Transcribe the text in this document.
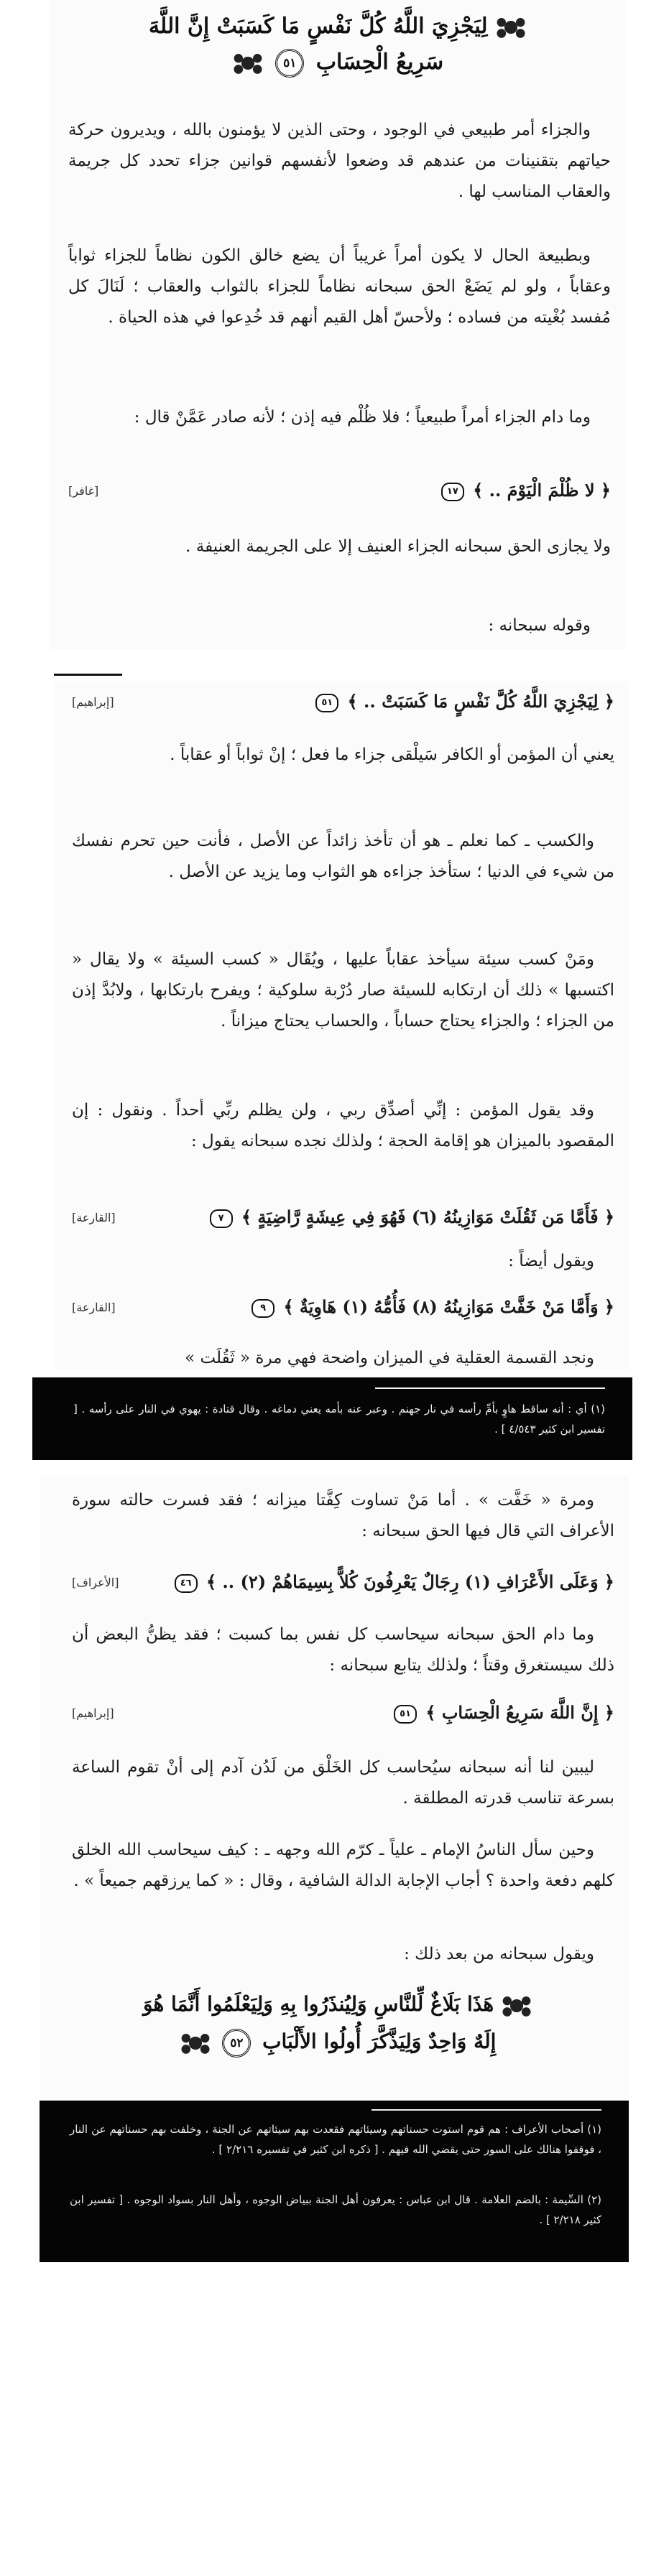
لِيَجْزِيَ اللَّهُ كُلَّ نَفْسٍ مَا كَسَبَتْ إِنَّ اللَّهَ
سَرِيعُ الْحِسَابِ ٥١
والجزاء أمر طبيعي في الوجود ، وحتى الذين لا يؤمنون بالله ، ويديرون حركة حياتهم بتقنينات من عندهم قد وضعوا لأنفسهم قوانين جزاء تحدد كل جريمة والعقاب المناسب لها .
وبطبيعة الحال لا يكون أمراً غريباً أن يضع خالق الكون نظاماً للجزاء ثواباً وعقاباً ، ولو لم يَضَعْ الحق سبحانه نظاماً للجزاء بالثواب والعقاب ؛ لَنَالَ كل مُفسد بُغْيته من فساده ؛ ولأحسّ أهل القيم أنهم قد خُدِعوا في هذه الحياة .
وما دام الجزاء أمراً طبيعياً ؛ فلا ظُلْم فيه إذن ؛ لأنه صادر عَمَّنْ قال :
﴿ لا ظُلْمَ الْيَوْمَ .. ﴾ ١٧
[غافر]
ولا يجازى الحق سبحانه الجزاء العنيف إلا على الجريمة العنيفة .
وقوله سبحانه :
﴿ لِيَجْزِيَ اللَّهُ كُلَّ نَفْسٍ مَا كَسَبَتْ .. ﴾ ٥١
[إبراهيم]
يعني أن المؤمن أو الكافر سَيلْقى جزاء ما فعل ؛ إنْ ثواباً أو عقاباً .
والكسب ـ كما نعلم ـ هو أن تأخذ زائداً عن الأصل ، فأنت حين تحرم نفسك من شيء في الدنيا ؛ ستأخذ جزاءه هو الثواب وما يزيد عن الأصل .
ومَنْ كسب سيئة سيأخذ عقاباً عليها ، ويُقَال « كسب السيئة » ولا يقال « اكتسبها » ذلك أن ارتكابه للسيئة صار دُرْبة سلوكية ؛ ويفرح بارتكابها ، ولابُدَّ إذن من الجزاء ؛ والجزاء يحتاج حساباً ، والحساب يحتاج ميزاناً .
وقد يقول المؤمن : إنِّي أصدِّق ربي ، ولن يظلم ربِّي أحداً . ونقول : إن المقصود بالميزان هو إقامة الحجة ؛ ولذلك نجده سبحانه يقول :
﴿ فَأَمَّا مَن ثَقُلَتْ مَوَازِينُهُ (٦) فَهُوَ فِي عِيشَةٍ رَّاضِيَةٍ ﴾ ٧
[القارعة]
ويقول أيضاً :
﴿ وَأَمَّا مَنْ خَفَّتْ مَوَازِينُهُ (٨) فَأُمُّهُ (١) هَاوِيَةٌ ﴾ ٩
[القارعة]
ونجد القسمة العقلية في الميزان واضحة فهي مرة « ثَقُلَت »
(١) أي : أنه ساقط هاوٍ بأمِّ رأسه في نار جهنم . وعبر عنه بأمه يعني دماغه . وقال قتادة : يهوي في النار على رأسه . [ تفسير ابن كثير ٤/٥٤٣ ] .
ومرة « خَفَّت » . أما مَنْ تساوت كِفَّتا ميزانه ؛ فقد فسرت حالته سورة الأعراف التي قال فيها الحق سبحانه :
﴿ وَعَلَى الأَعْرَافِ (١) رِجَالٌ يَعْرِفُونَ كُلاًّ بِسِيمَاهُمْ (٢) .. ﴾ ٤٦
[الأعراف]
وما دام الحق سبحانه سيحاسب كل نفس بما كسبت ؛ فقد يظنُّ البعض أن ذلك سيستغرق وقتاً ؛ ولذلك يتابع سبحانه :
﴿ إِنَّ اللَّهَ سَرِيعُ الْحِسَابِ ﴾ ٥١
[إبراهيم]
ليبين لنا أنه سبحانه سيُحاسب كل الخَلْق من لَدُن آدم إلى أنْ تقوم الساعة بسرعة تناسب قدرته المطلقة .
وحين سأل الناسُ الإمام ـ علياً ـ كرّم الله وجهه ـ : كيف سيحاسب الله الخلق كلهم دفعة واحدة ؟ أجاب الإجابة الدالة الشافية ، وقال : « كما يرزقهم جميعاً » .
ويقول سبحانه من بعد ذلك :
هَذَا بَلَاغٌ لِّلنَّاسِ وَلِيُنذَرُوا بِهِ وَلِيَعْلَمُوا أَنَّمَا هُوَ
إِلَهٌ وَاحِدٌ وَلِيَذَّكَّرَ أُولُوا الأَلْبَابِ ٥٢
(١) أصحاب الأعراف : هم قوم استوت حسناتهم وسيئاتهم فقعدت بهم سيئاتهم عن الجنة ، وخلفت بهم حسناتهم عن النار ، فوقفوا هنالك على السور حتى يقضي الله فيهم . [ ذكره ابن كثير في تفسيره ٢/٢١٦ ] .
(٢) السِّيمة : بالضم العلامة . قال ابن عباس : يعرفون أهل الجنة ببياض الوجوه ، وأهل النار بسواد الوجوه . [ تفسير ابن كثير ٢/٢١٨ ] .
